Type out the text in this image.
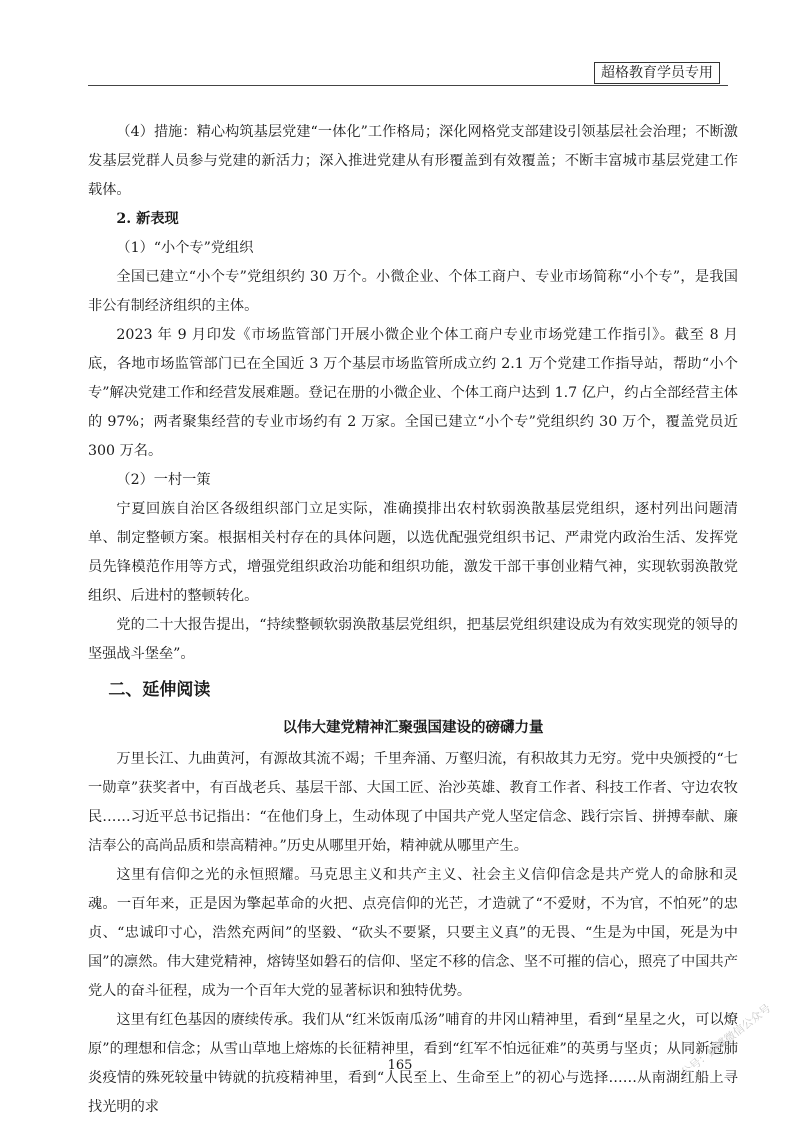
超格教育学员专用

（4）措施：精心构筑基层党建“一体化”工作格局；深化网格党支部建设引领基层社会治理；不断激发基层党群人员参与党建的新活力；深入推进党建从有形覆盖到有效覆盖；不断丰富城市基层党建工作载体。

2. 新表现

（1）“小个专”党组织

全国已建立“小个专”党组织约 30 万个。小微企业、个体工商户、专业市场简称“小个专”，是我国非公有制经济组织的主体。

2023 年 9 月印发《市场监管部门开展小微企业个体工商户专业市场党建工作指引》。截至 8 月底，各地市场监管部门已在全国近 3 万个基层市场监管所成立约 2.1 万个党建工作指导站，帮助“小个专”解决党建工作和经营发展难题。登记在册的小微企业、个体工商户达到 1.7 亿户，约占全部经营主体的 97%；两者聚集经营的专业市场约有 2 万家。全国已建立“小个专”党组织约 30 万个，覆盖党员近 300 万名。

（2）一村一策

宁夏回族自治区各级组织部门立足实际，准确摸排出农村软弱涣散基层党组织，逐村列出问题清单、制定整顿方案。根据相关村存在的具体问题，以选优配强党组织书记、严肃党内政治生活、发挥党员先锋模范作用等方式，增强党组织政治功能和组织功能，激发干部干事创业精气神，实现软弱涣散党组织、后进村的整顿转化。

党的二十大报告提出，“持续整顿软弱涣散基层党组织，把基层党组织建设成为有效实现党的领导的坚强战斗堡垒”。

二、延伸阅读

以伟大建党精神汇聚强国建设的磅礴力量

万里长江、九曲黄河，有源故其流不竭；千里奔涌、万壑归流，有积故其力无穷。党中央颁授的“七一勋章”获奖者中，有百战老兵、基层干部、大国工匠、治沙英雄、教育工作者、科技工作者、守边农牧民……习近平总书记指出：“在他们身上，生动体现了中国共产党人坚定信念、践行宗旨、拼搏奉献、廉洁奉公的高尚品质和崇高精神。”历史从哪里开始，精神就从哪里产生。

这里有信仰之光的永恒照耀。马克思主义和共产主义、社会主义信仰信念是共产党人的命脉和灵魂。一百年来，正是因为擎起革命的火把、点亮信仰的光芒，才造就了“不爱财，不为官，不怕死”的忠贞、“忠诚印寸心，浩然充两间”的坚毅、“砍头不要紧，只要主义真”的无畏、“生是为中国，死是为中国”的凛然。伟大建党精神，熔铸坚如磐石的信仰、坚定不移的信念、坚不可摧的信心，照亮了中国共产党人的奋斗征程，成为一个百年大党的显著标识和独特优势。

这里有红色基因的赓续传承。我们从“红米饭南瓜汤”哺育的井冈山精神里，看到“星星之火，可以燎原”的理想和信念；从雪山草地上熔炼的长征精神里，看到“红军不怕远征难”的英勇与坚贞；从同新冠肺炎疫情的殊死较量中铸就的抗疫精神里，看到“人民至上、生命至上”的初心与选择……从南湖红船上寻找光明的求

165	公号：蝴蝶微信公众号
